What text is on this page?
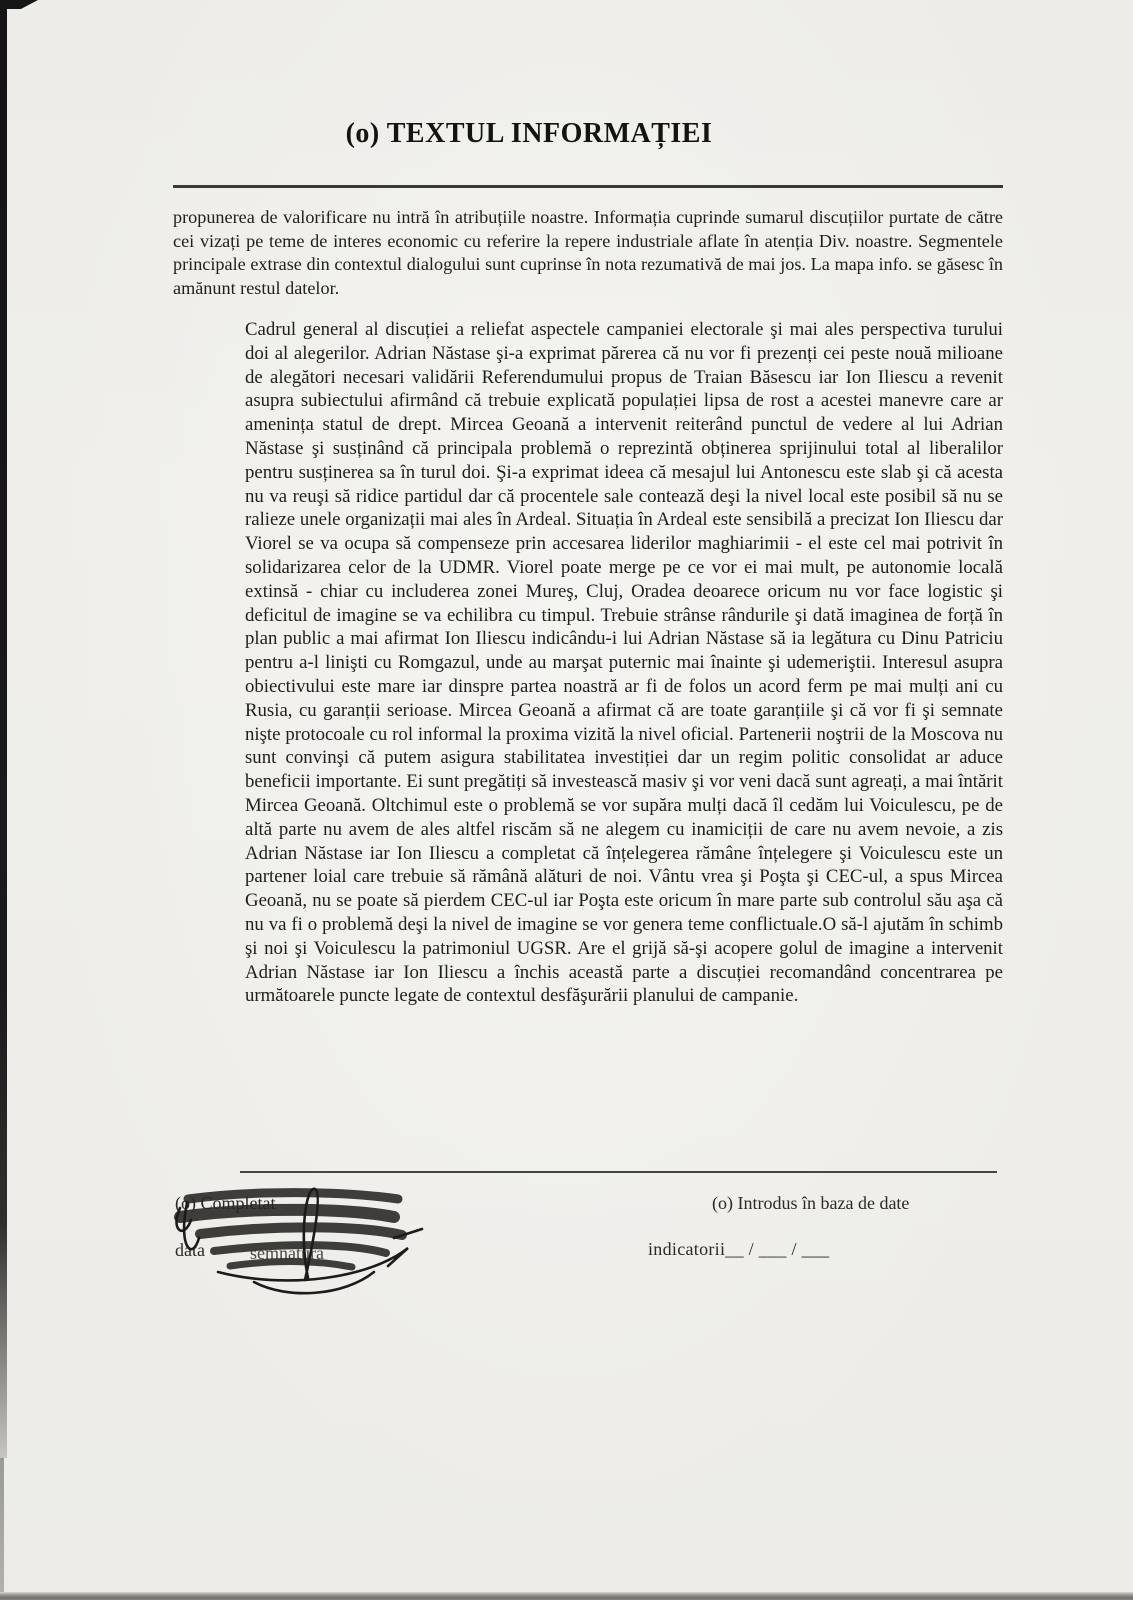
(o) TEXTUL INFORMAȚIEI
propunerea de valorificare nu intră în atribuțiile noastre. Informația cuprinde sumarul discuțiilor purtate de către cei vizați pe teme de interes economic cu referire la repere industriale aflate în atenția Div. noastre. Segmentele principale extrase din contextul dialogului sunt cuprinse în nota rezumativă de mai jos. La mapa info. se găsesc în amănunt restul datelor.
Cadrul general al discuției a reliefat aspectele campaniei electorale şi mai ales perspectiva turului doi al alegerilor. Adrian Năstase şi-a exprimat părerea că nu vor fi prezenți cei peste nouă milioane de alegători necesari validării Referendumului propus de Traian Băsescu iar Ion Iliescu a revenit asupra subiectului afirmând că trebuie explicată populației lipsa de rost a acestei manevre care ar amenința statul de drept. Mircea Geoană a intervenit reiterând punctul de vedere al lui Adrian Năstase şi susținând că principala problemă o reprezintă obținerea sprijinului total al liberalilor pentru susținerea sa în turul doi. Şi-a exprimat ideea că mesajul lui Antonescu este slab şi că acesta nu va reuşi să ridice partidul dar că procentele sale contează deşi la nivel local este posibil să nu se ralieze unele organizații mai ales în Ardeal. Situația în Ardeal este sensibilă a precizat Ion Iliescu dar Viorel se va ocupa să compenseze prin accesarea liderilor maghiarimii - el este cel mai potrivit în solidarizarea celor de la UDMR. Viorel poate merge pe ce vor ei mai mult, pe autonomie locală extinsă - chiar cu includerea zonei Mureş, Cluj, Oradea deoarece oricum nu vor face logistic şi deficitul de imagine se va echilibra cu timpul. Trebuie strânse rândurile şi dată imaginea de forță în plan public a mai afirmat Ion Iliescu indicându-i lui Adrian Năstase să ia legătura cu Dinu Patriciu pentru a-l linişti cu Romgazul, unde au marşat puternic mai înainte şi udemeriştii. Interesul asupra obiectivului este mare iar dinspre partea noastră ar fi de folos un acord ferm pe mai mulți ani cu Rusia, cu garanții serioase. Mircea Geoană a afirmat că are toate garanțiile şi că vor fi şi semnate nişte protocoale cu rol informal la proxima vizită la nivel oficial. Partenerii noştrii de la Moscova nu sunt convinşi că putem asigura stabilitatea investiției dar un regim politic consolidat ar aduce beneficii importante. Ei sunt pregătiți să investească masiv şi vor veni dacă sunt agreați, a mai întărit Mircea Geoană. Oltchimul este o problemă se vor supăra mulți dacă îl cedăm lui Voiculescu, pe de altă parte nu avem de ales altfel riscăm să ne alegem cu inamiciții de care nu avem nevoie, a zis Adrian Năstase iar Ion Iliescu a completat că înțelegerea rămâne înțelegere şi Voiculescu este un partener loial care trebuie să rămână alături de noi. Vântu vrea şi Poşta şi CEC-ul, a spus Mircea Geoană, nu se poate să pierdem CEC-ul iar Poşta este oricum în mare parte sub controlul său aşa că nu va fi o problemă deşi la nivel de imagine se vor genera teme conflictuale.O să-l ajutăm în schimb şi noi şi Voiculescu la patrimoniul UGSR. Are el grijă să-şi acopere golul de imagine a intervenit Adrian Năstase iar Ion Iliescu a închis această parte a discuției recomandând concentrarea pe următoarele puncte legate de contextul desfăşurării planului de campanie.
(o) Completat
data	semnatura
(o) Introdus în baza de date
indicatorii__ / ___ / ___
